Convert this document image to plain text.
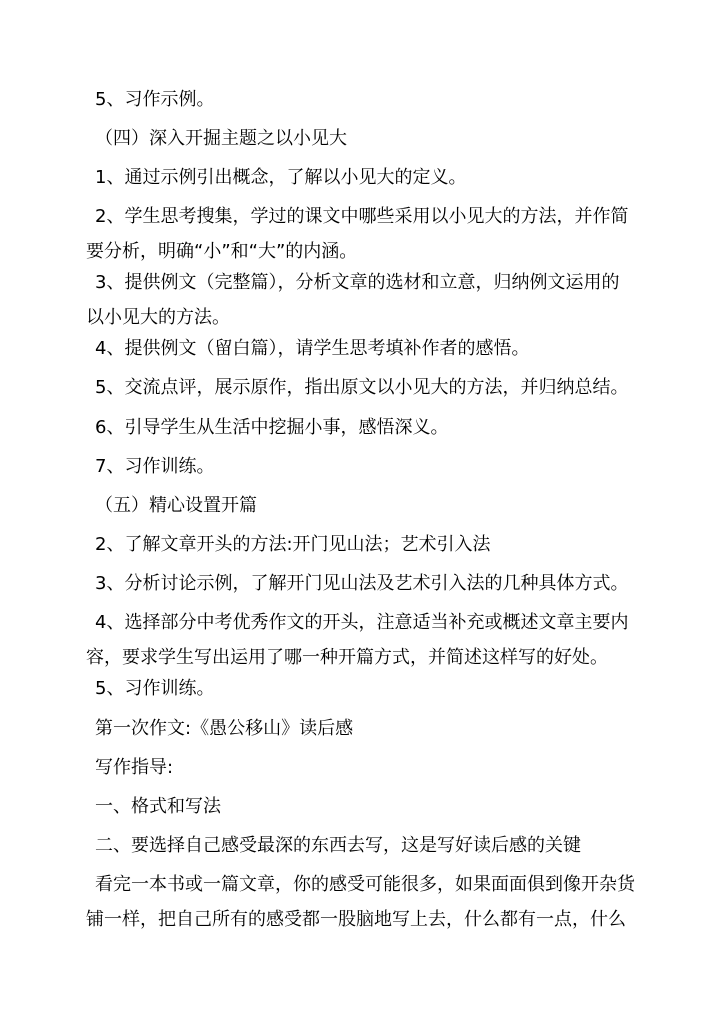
5、习作示例。

（四）深入开掘主题之以小见大

1、通过示例引出概念，了解以小见大的定义。

2、学生思考搜集，学过的课文中哪些采用以小见大的方法，并作简要分析，明确“小”和“大”的内涵。

3、提供例文（完整篇），分析文章的选材和立意，归纳例文运用的以小见大的方法。

4、提供例文（留白篇），请学生思考填补作者的感悟。

5、交流点评，展示原作，指出原文以小见大的方法，并归纳总结。

6、引导学生从生活中挖掘小事，感悟深义。

7、习作训练。

（五）精心设置开篇

2、了解文章开头的方法:开门见山法；艺术引入法

3、分析讨论示例，了解开门见山法及艺术引入法的几种具体方式。

4、选择部分中考优秀作文的开头，注意适当补充或概述文章主要内容，要求学生写出运用了哪一种开篇方式，并简述这样写的好处。

5、习作训练。

第一次作文:《愚公移山》读后感

写作指导:

一、格式和写法

二、要选择自己感受最深的东西去写，这是写好读后感的关键

看完一本书或一篇文章，你的感受可能很多，如果面面俱到像开杂货铺一样，把自己所有的感受都一股脑地写上去，什么都有一点，什么
